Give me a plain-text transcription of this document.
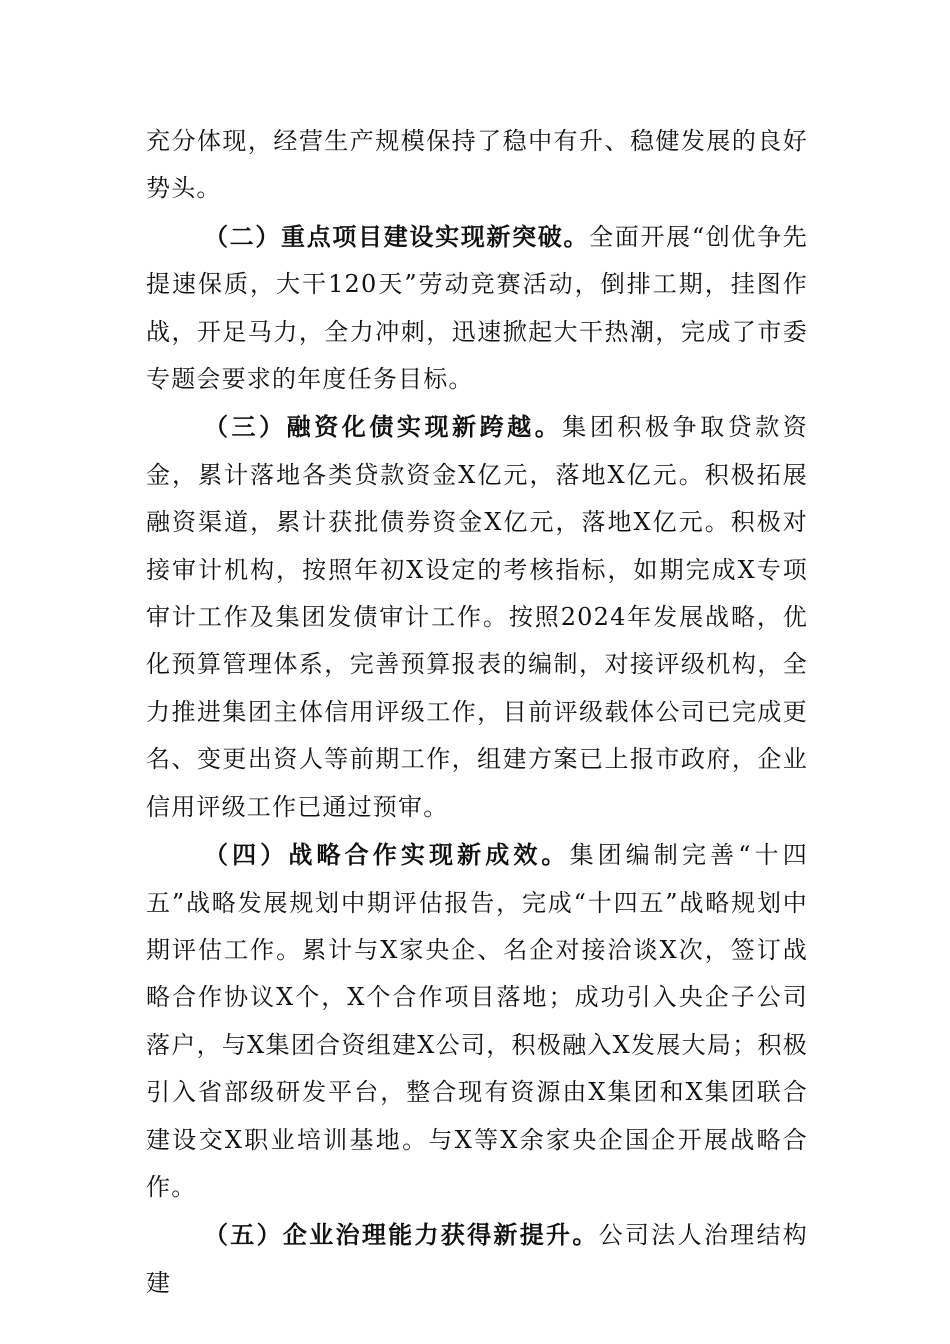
充分体现，经营生产规模保持了稳中有升、稳健发展的良好势头。

（二）重点项目建设实现新突破。全面开展“创优争先提速保质，大干120天”劳动竞赛活动，倒排工期，挂图作战，开足马力，全力冲刺，迅速掀起大干热潮，完成了市委专题会要求的年度任务目标。

（三）融资化债实现新跨越。集团积极争取贷款资金，累计落地各类贷款资金X亿元，落地X亿元。积极拓展融资渠道，累计获批债券资金X亿元，落地X亿元。积极对接审计机构，按照年初X设定的考核指标，如期完成X专项审计工作及集团发债审计工作。按照2024年发展战略，优化预算管理体系，完善预算报表的编制，对接评级机构，全力推进集团主体信用评级工作，目前评级载体公司已完成更名、变更出资人等前期工作，组建方案已上报市政府，企业信用评级工作已通过预审。

（四）战略合作实现新成效。集团编制完善“十四五”战略发展规划中期评估报告，完成“十四五”战略规划中期评估工作。累计与X家央企、名企对接洽谈X次，签订战略合作协议X个，X个合作项目落地；成功引入央企子公司落户，与X集团合资组建X公司，积极融入X发展大局；积极引入省部级研发平台，整合现有资源由X集团和X集团联合建设交X职业培训基地。与X等X余家央企国企开展战略合作。

（五）企业治理能力获得新提升。公司法人治理结构建
